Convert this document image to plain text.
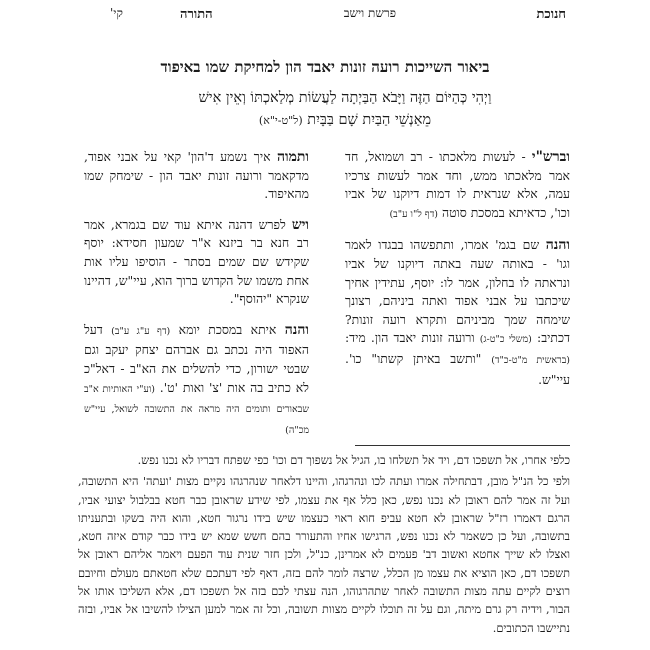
חנוכת
פרשת וישב
התורה
קי'
ביאור השייכות רועה זונות יאבד הון למחיקת שמו באיפוד
וַיְהִי כְּהַיּוֹם הַזֶּה וַיָּבֹא הַבַּיְתָה לַעֲשׂוֹת מְלַאכְתּוֹ וְאֵין אִישׁ
מֵאַנְשֵׁי הַבַּיִת שָׁם בַּבָּיִת (ל"ט-י"א)

וברש"י - לעשות מלאכתו - רב ושמואל, חד אמר מלאכתו ממש, וחד אמר לעשות צרכיו עמה, אלא שנראית לו דמות דיוקנו של אביו וכו', כדאיתא במסכת סוטה (דף ל"ו ע"ב)

והנה שם בגמ' אמרו, ותתפשהו בבגדו לאמר וגו' - באותה שעה באתה דיוקנו של אביו ונראתה לו בחלון, אמר לו: יוסף, עתידין אחיך שיכתבו על אבני אפוד ואתה ביניהם, רצונך שימחה שמך מביניהם ותקרא רועה זונות? דכתיב: (משלי כ"ט-ג) ורועה זונות יאבד הון. מיד: (בראשית מ"ט-כ"ד) "ותשב באיתן קשתו" כו'. עיי"ש.

ותמוה איך נשמע ד'הון' קאי על אבני אפוד, מדקאמר ורועה זונות יאבד הון - שימחק שמו מהאיפוד.

ויש לפרש דהנה איתא עוד שם בגמרא, אמר רב חנא בר ביזנא א"ר שמעון חסידא: יוסף שקידש שם שמים בסתר - הוסיפו עליו אות אחת משמו של הקדוש ברוך הוא, עיי"ש, דהיינו שנקרא "יהוסף".

והנה איתא במסכת יומא (דף ע"ג ע"ב) דעל האפוד היה נכתב גם אברהם יצחק יעקב וגם שבטי ישורון, כדי להשלים את הא"ב - דאל"כ לא כתיב בה אות 'צ' ואות 'ט'. (וע"י האותיות א"ב שבאורים ותומים היה מראה את התשובה לשואל, עיי"ש מכ"ה)

כלפי אחרו, אל תשפכו דם, ויד אל תשלחו בו, הגיל אל נשפוך דם וכו' כפי שפתח דבריו לא נכנו נפש.

ולפי כל הנ"ל מובן, דבתחילה אמרו ועתה לכו ונהרגהו, והיינו דלאחר שנהרגהו נקיים מצות 'ועתה' היא התשובה, ועל זה אמר להם ראובן לא נכנו נפש, כאן כלל אף את עצמו, לפי שידע שראובן כבר חטא בבלבול יצועי אביו, הרגם דאמרו רז"ל שראובן לא חטא עביפ חוא ראוי כעצמו שיש בידו נרגור חטא, והוא היה בשקו ובתעניתו בתשובה, ועל כן כשאמר לא נכנו נפש, הרגישו אחיו והתעורר בהם חשש שמא יש בידו כבר קודם איזה חטא, ואצלו לא שייך אחטא ואשוב דב' פעמים לא אמרינן, כנ"ל, ולכן חזר שנית עוד הפעם ויאמר אליהם ראובן אל תשפכו דם, כאן הוציא את עצמו מן הכלל, שרצה לומר להם בזה, דאף לפי דעתכם שלא חטאתם מעולם וחיובם רוצים לקיים עתה מצות התשובה לאחר שתהרגוהו, הנה עצתי לכם בזה אל תשפכו דם, אלא השליכו אותו אל הבור, וידיה רק גרם מיתה, וגם על זה תוכלו לקיים מצוות תשובה, וכל זה אמר למען הצילו להשיבו אל אביו, ובזה נתיישבו הכתובים.
